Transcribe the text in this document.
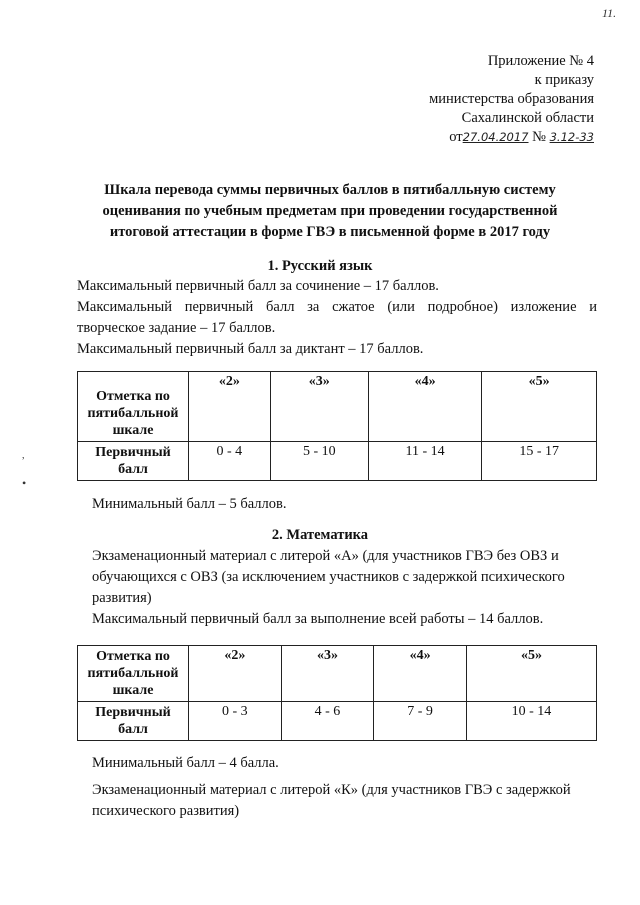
11.
Приложение № 4
к приказу
министерства образования
Сахалинской области
от27.04.2017 № 3.12-33
Шкала перевода суммы первичных баллов в пятибалльную систему оценивания по учебным предметам при проведении государственной итоговой аттестации в форме ГВЭ в письменной форме в 2017 году
1. Русский язык
Максимальный первичный балл за сочинение – 17 баллов.
Максимальный первичный балл за сжатое (или подробное) изложение и
творческое задание – 17 баллов.
Максимальный первичный балл за диктант – 17 баллов.
Отметка по пятибалльной шкале	«2»	«3»	«4»	«5»
Первичный балл	0 - 4	5 - 10	11 - 14	15 - 17
,
•
Минимальный балл – 5 баллов.
2. Математика
Экзаменационный материал с литерой «А» (для участников ГВЭ без ОВЗ и обучающихся с ОВЗ (за исключением участников с задержкой психического развития)
Максимальный первичный балл за выполнение всей работы – 14 баллов.
Отметка по пятибалльной шкале	«2»	«3»	«4»	«5»
Первичный балл	0 - 3	4 - 6	7 - 9	10 - 14
Минимальный балл – 4 балла.
Экзаменационный материал с литерой «К» (для участников ГВЭ с задержкой психического развития)
